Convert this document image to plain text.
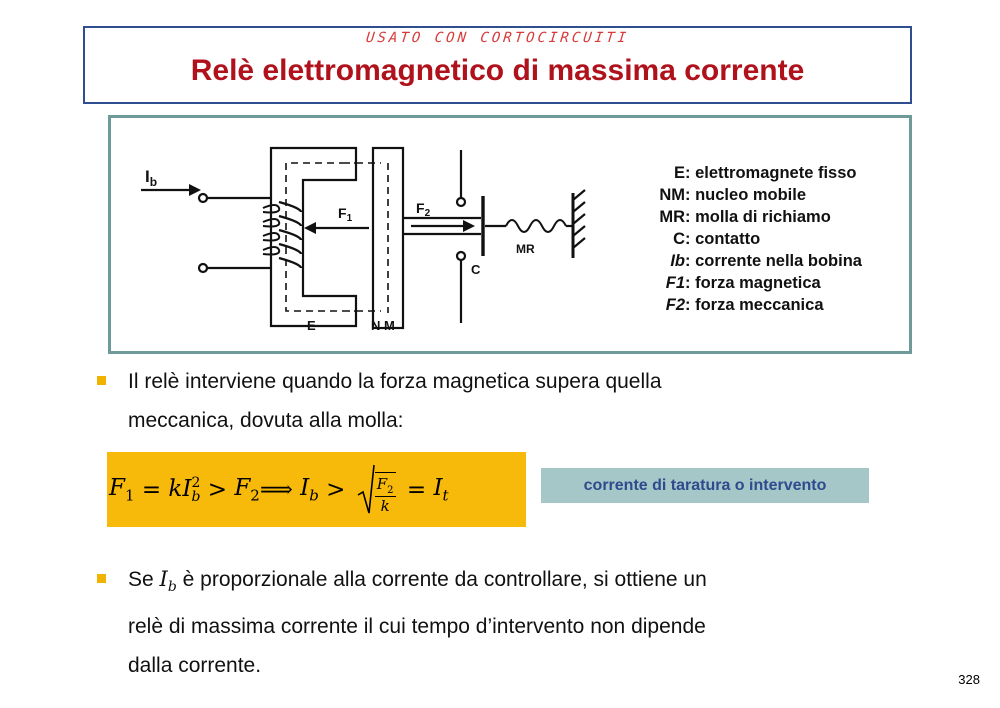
USATO CON CORTOCIRCUITI
Relè elettromagnetico di massima corrente
$I_b$
$F_1$
$F_2$
E	N M
C
MR
E: elettromagnete fisso
NM: nucleo mobile
MR: molla di richiamo
C: contatto
Ib: corrente nella bobina
F1: forza magnetica
F2: forza meccanica
Il relè interviene quando la forza magnetica supera quella
meccanica, dovuta alla molla:
$F_1$ = kI 2
$b > F_2$ ⟹ $I_b > \frac{F_2}{k} = I_t$
corrente di taratura o intervento
Se $I_b$ è proporzionale alla corrente da controllare, si ottiene un
relè di massima corrente il cui tempo d’intervento non dipende
dalla corrente.
328
